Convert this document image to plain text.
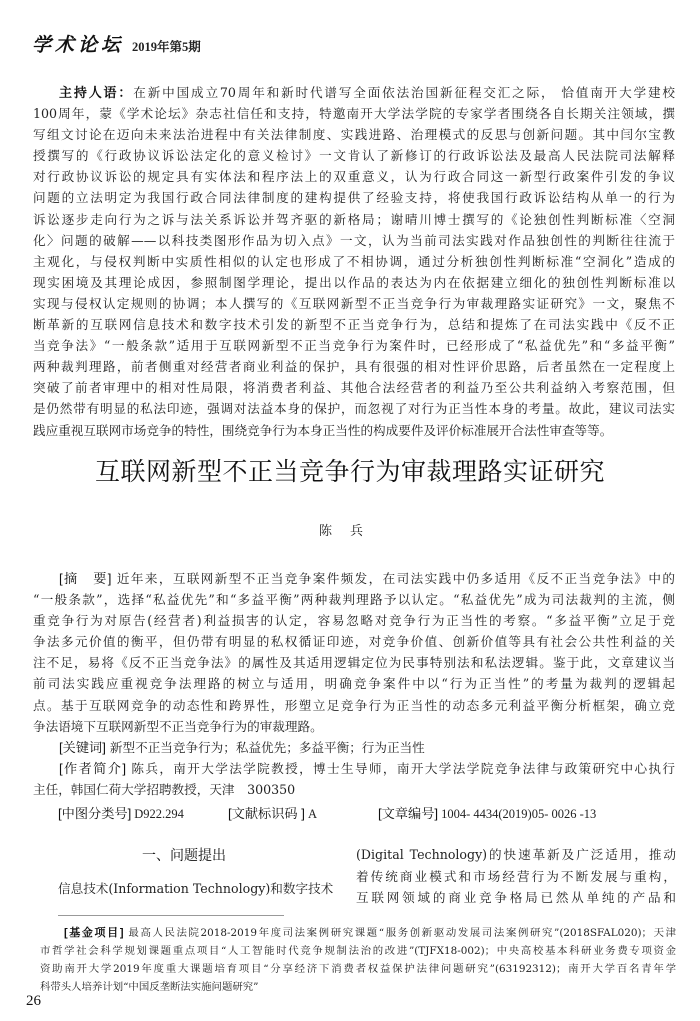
学术论坛 2019年第5期
主持人语：在新中国成立70周年和新时代谱写全面依法治国新征程交汇之际， 恰值南开大学建校
100周年，蒙《学术论坛》杂志社信任和支持，特邀南开大学法学院的专家学者围绕各自长期关注领域，撰
写组文讨论在迈向未来法治进程中有关法律制度、实践进路、治理模式的反思与创新问题。其中闫尔宝教
授撰写的《行政协议诉讼法定化的意义检讨》一文肯认了新修订的行政诉讼法及最高人民法院司法解释
对行政协议诉讼的规定具有实体法和程序法上的双重意义，认为行政合同这一新型行政案件引发的争议
问题的立法明定为我国行政合同法律制度的建构提供了经验支持，将使我国行政诉讼结构从单一的行为
诉讼逐步走向行为之诉与法关系诉讼并驾齐驱的新格局；谢晴川博士撰写的《论独创性判断标准〈空洞
化〉问题的破解——以科技类图形作品为切入点》一文，认为当前司法实践对作品独创性的判断往往流于
主观化，与侵权判断中实质性相似的认定也形成了不相协调，通过分析独创性判断标准“空洞化”造成的
现实困境及其理论成因，参照制图学理论，提出以作品的表达为内在依据建立细化的独创性判断标准以
实现与侵权认定规则的协调；本人撰写的《互联网新型不正当竞争行为审裁理路实证研究》一文，聚焦不
断革新的互联网信息技术和数字技术引发的新型不正当竞争行为，总结和提炼了在司法实践中《反不正
当竞争法》“一般条款”适用于互联网新型不正当竞争行为案件时，已经形成了“私益优先”和“多益平衡”
两种裁判理路，前者侧重对经营者商业利益的保护，具有很强的相对性评价思路，后者虽然在一定程度上
突破了前者审理中的相对性局限，将消费者利益、其他合法经营者的利益乃至公共利益纳入考察范围，但
是仍然带有明显的私法印迹，强调对法益本身的保护，而忽视了对行为正当性本身的考量。故此，建议司法实
践应重视互联网市场竞争的特性，围绕竞争行为本身正当性的构成要件及评价标准展开合法性审查等等。
互联网新型不正当竞争行为审裁理路实证研究
陈兵
[摘　要] 近年来，互联网新型不正当竞争案件频发，在司法实践中仍多适用《反不正当竞争法》中的
“一般条款”，选择“私益优先”和“多益平衡”两种裁判理路予以认定。“私益优先”成为司法裁判的主流，侧
重竞争行为对原告(经营者)利益损害的认定，容易忽略对竞争行为正当性的考察。“多益平衡”立足于竞
争法多元价值的衡平，但仍带有明显的私权循证印迹，对竞争价值、创新价值等具有社会公共性利益的关
注不足，易将《反不正当竞争法》的属性及其适用逻辑定位为民事特别法和私法逻辑。鉴于此，文章建议当
前司法实践应重视竞争法理路的树立与适用，明确竞争案件中以“行为正当性”的考量为裁判的逻辑起
点。基于互联网竞争的动态性和跨界性，形塑立足竞争行为正当性的动态多元利益平衡分析框架，确立竞
争法语境下互联网新型不正当竞争行为的审裁理路。
[关键词] 新型不正当竞争行为；私益优先；多益平衡；行为正当性
[作者简介] 陈兵，南开大学法学院教授，博士生导师，南开大学法学院竞争法律与政策研究中心执行
主任，韩国仁荷大学招聘教授，天津　300350
[中图分类号] D922.294	[文献标识码 ] A	[文章编号] 1004- 4434(2019)05- 0026 -13
一、问题提出
信息技术(Information Technology)和数字技术
(Digital Technology)的快速革新及广泛适用，推动
着传统商业模式和市场经营行为不断发展与重构，
互联网领域的商业竞争格局已然从单纯的产品和
[基金项目] 最高人民法院2018-2019年度司法案例研究课题“服务创新驱动发展司法案例研究”(2018SFAL020)；天津
市哲学社会科学规划课题重点项目“人工智能时代竞争规制法治的改进”(TJFX18-002)；中央高校基本科研业务费专项资金
资助南开大学2019年度重大课题培育项目“分享经济下消费者权益保护法律问题研究”(63192312)；南开大学百名青年学
科带头人培养计划“中国反垄断法实施问题研究”
26
